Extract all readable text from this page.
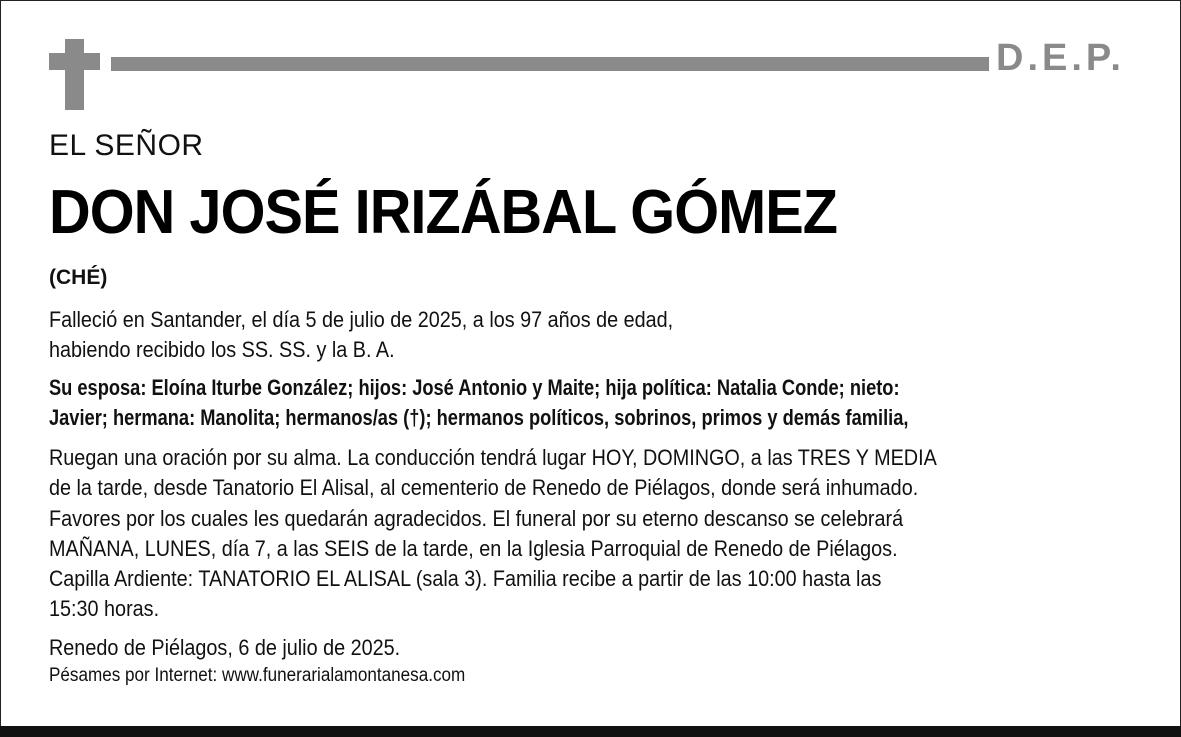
D.E.P.
EL SEÑOR
DON JOSÉ IRIZÁBAL GÓMEZ
(CHÉ)
Falleció en Santander, el día 5 de julio de 2025, a los 97 años de edad,
habiendo recibido los SS. SS. y la B. A.
Su esposa: Eloína Iturbe González; hijos: José Antonio y Maite; hija política: Natalia Conde; nieto:
Javier; hermana: Manolita; hermanos/as (†); hermanos políticos, sobrinos, primos y demás familia,
Ruegan una oración por su alma. La conducción tendrá lugar HOY, DOMINGO, a las TRES Y MEDIA
de la tarde, desde Tanatorio El Alisal, al cementerio de Renedo de Piélagos, donde será inhumado.
Favores por los cuales les quedarán agradecidos. El funeral por su eterno descanso se celebrará
MAÑANA, LUNES, día 7, a las SEIS de la tarde, en la Iglesia Parroquial de Renedo de Piélagos.
Capilla Ardiente: TANATORIO EL ALISAL (sala 3). Familia recibe a partir de las 10:00 hasta las
15:30 horas.
Renedo de Piélagos, 6 de julio de 2025.
Pésames por Internet: www.funerarialamontanesa.com
